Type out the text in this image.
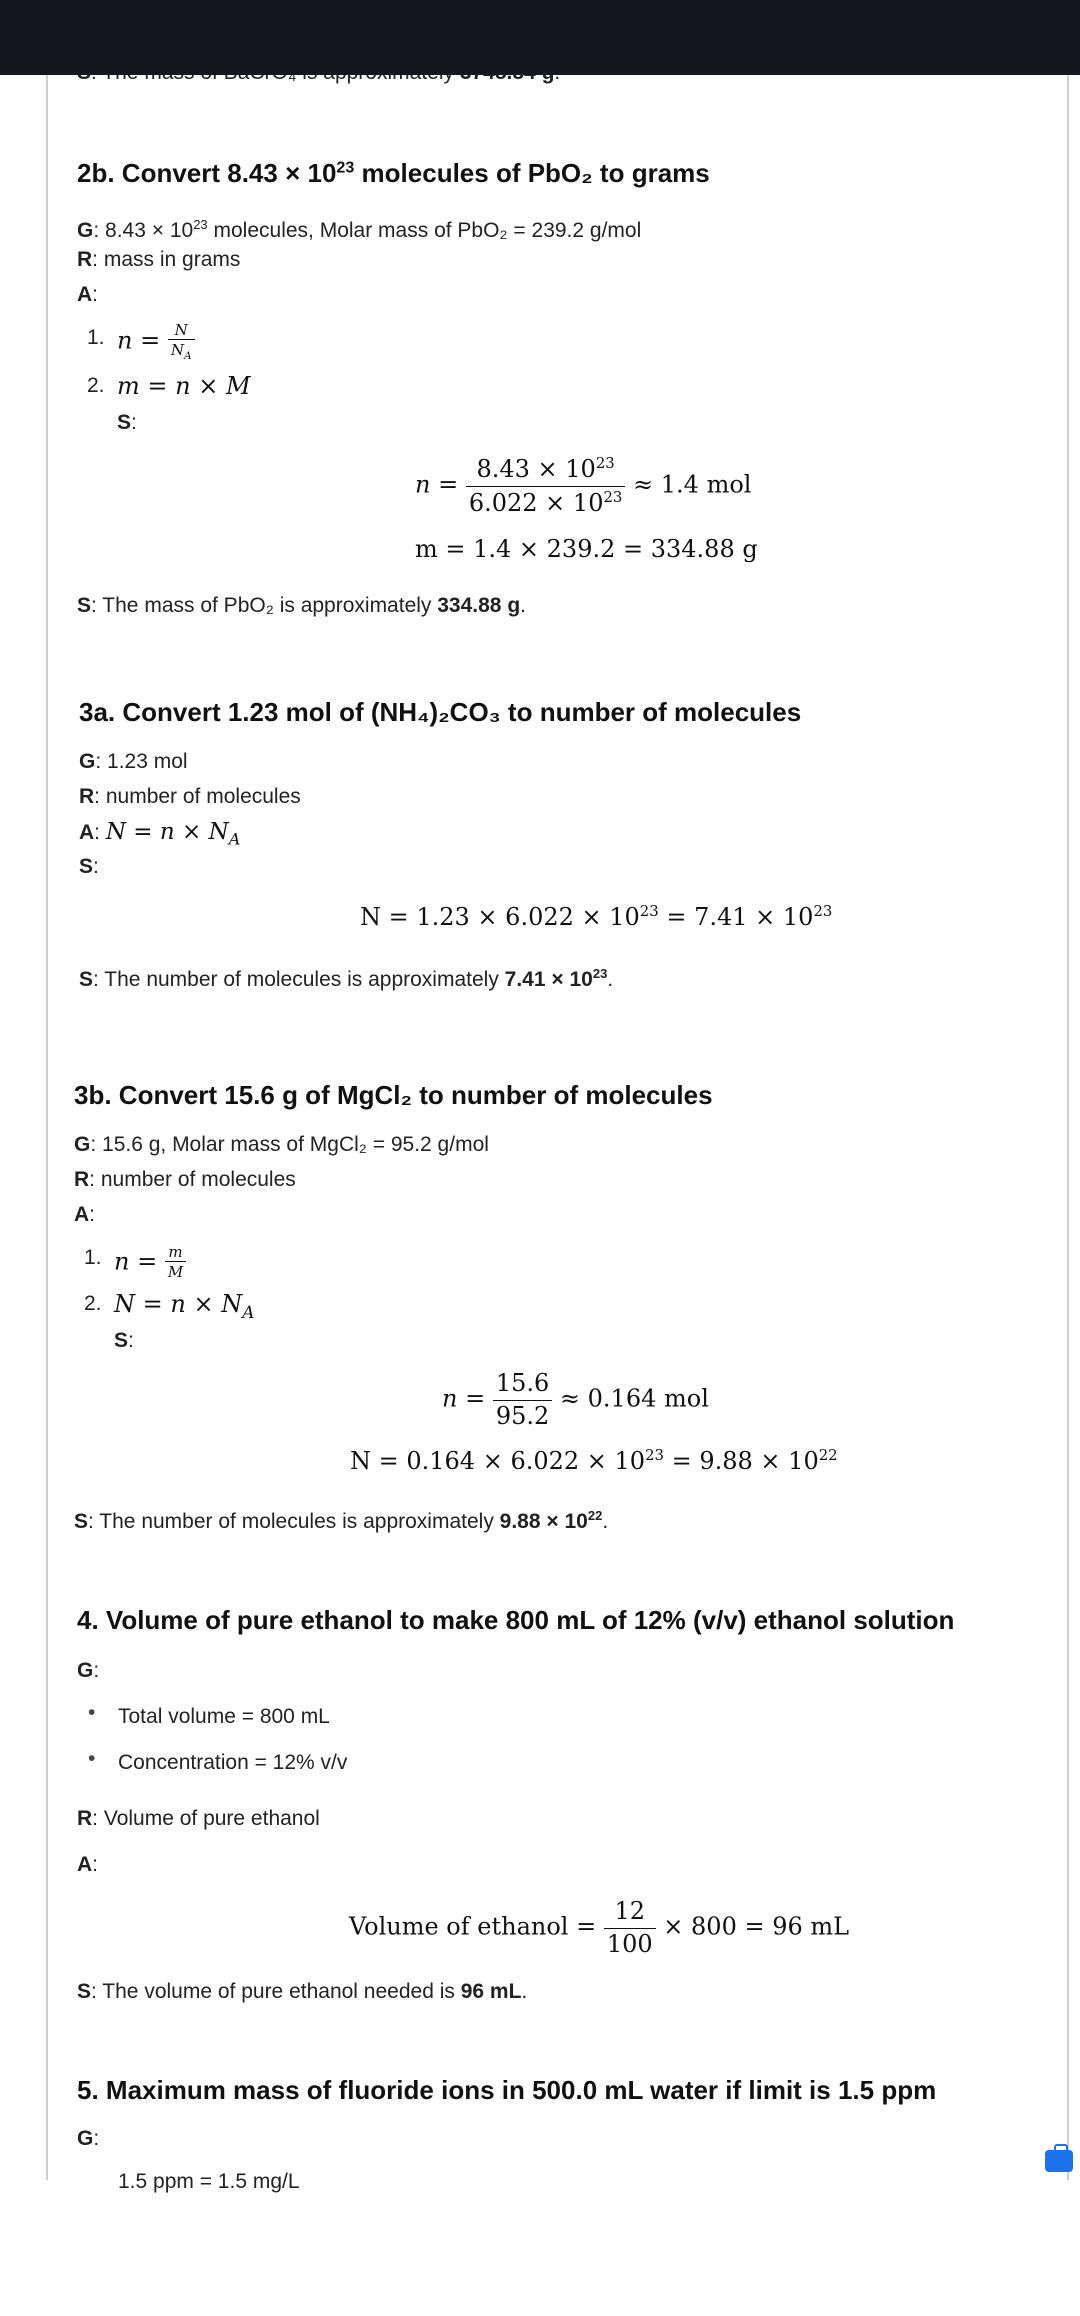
2b. Convert $8.43 \times 10^{23}$ molecules of PbO₂ to grams
G: $8.43 \times 10^{23}$ molecules, Molar mass of PbO₂ = 239.2 g/mol
R: mass in grams
A:
1. $n = \frac{N}{N_A}$
2. m = n × M
S:
$n = \frac{8.43 \times 10^{23}}{6.022 \times 10^{23}} \approx 1.4$ mol
m = 1.4 × 239.2 = 334.88 g
S: The mass of PbO₂ is approximately 334.88 g.
3a. Convert 1.23 mol of (NH₄)₂CO₃ to number of molecules
G: 1.23 mol
R: number of molecules
A: $N = n \times N_A$
S:
$N = 1.23 \times 6.022 \times 10^{23} = 7.41 \times 10^{23}$
S: The number of molecules is approximately $7.41 \times 10^{23}$.
3b. Convert 15.6 g of MgCl₂ to number of molecules
G: 15.6 g, Molar mass of MgCl₂ = 95.2 g/mol
R: number of molecules
A:
1. $n = \frac{m}{M}$
2. $N = n \times N_A$
S:
$n = \frac{15.6}{95.2} \approx 0.164$ mol
$N = 0.164 \times 6.022 \times 10^{23} = 9.88 \times 10^{22}$
S: The number of molecules is approximately $9.88 \times 10^{22}$.
4. Volume of pure ethanol to make 800 mL of 12% (v/v) ethanol solution
G:
• Total volume = 800 mL
• Concentration = 12% v/v
R: Volume of pure ethanol
A:
Volume of ethanol = $\frac{12}{100} \times 800 = 96$ mL
S: The volume of pure ethanol needed is 96 mL.
5. Maximum mass of fluoride ions in 500.0 mL water if limit is 1.5 ppm
G:
1.5 ppm = 1.5 mg/L
